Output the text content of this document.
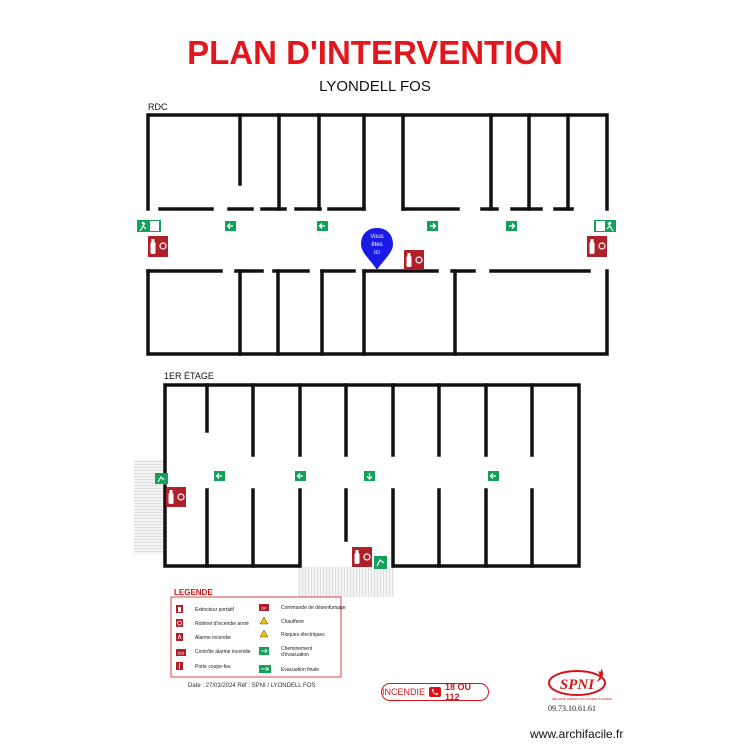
PLAN D'INTERVENTION
LYONDELL FOS
RDC
1ER ÉTAGE
Vous
êtes
ici
SSI
DF
SPNI
SÉCURITÉ PRÉVENTION NORMES INCENDIE
LEGENDE
Extincteur portatif
Robinet d'incendie armé
Alarme incendie
Contrôle alarme incendie
Porte coupe-feu
Commande de désenfumage
Chaufferie
Risques électriques
Cheminement d'évacuation
Evacuation finale
Date : 27/03/2024 Réf : SPNI / LYONDELL FOS
INCENDIE 18 OU 112
09.73.10.61.61
www.archifacile.fr
